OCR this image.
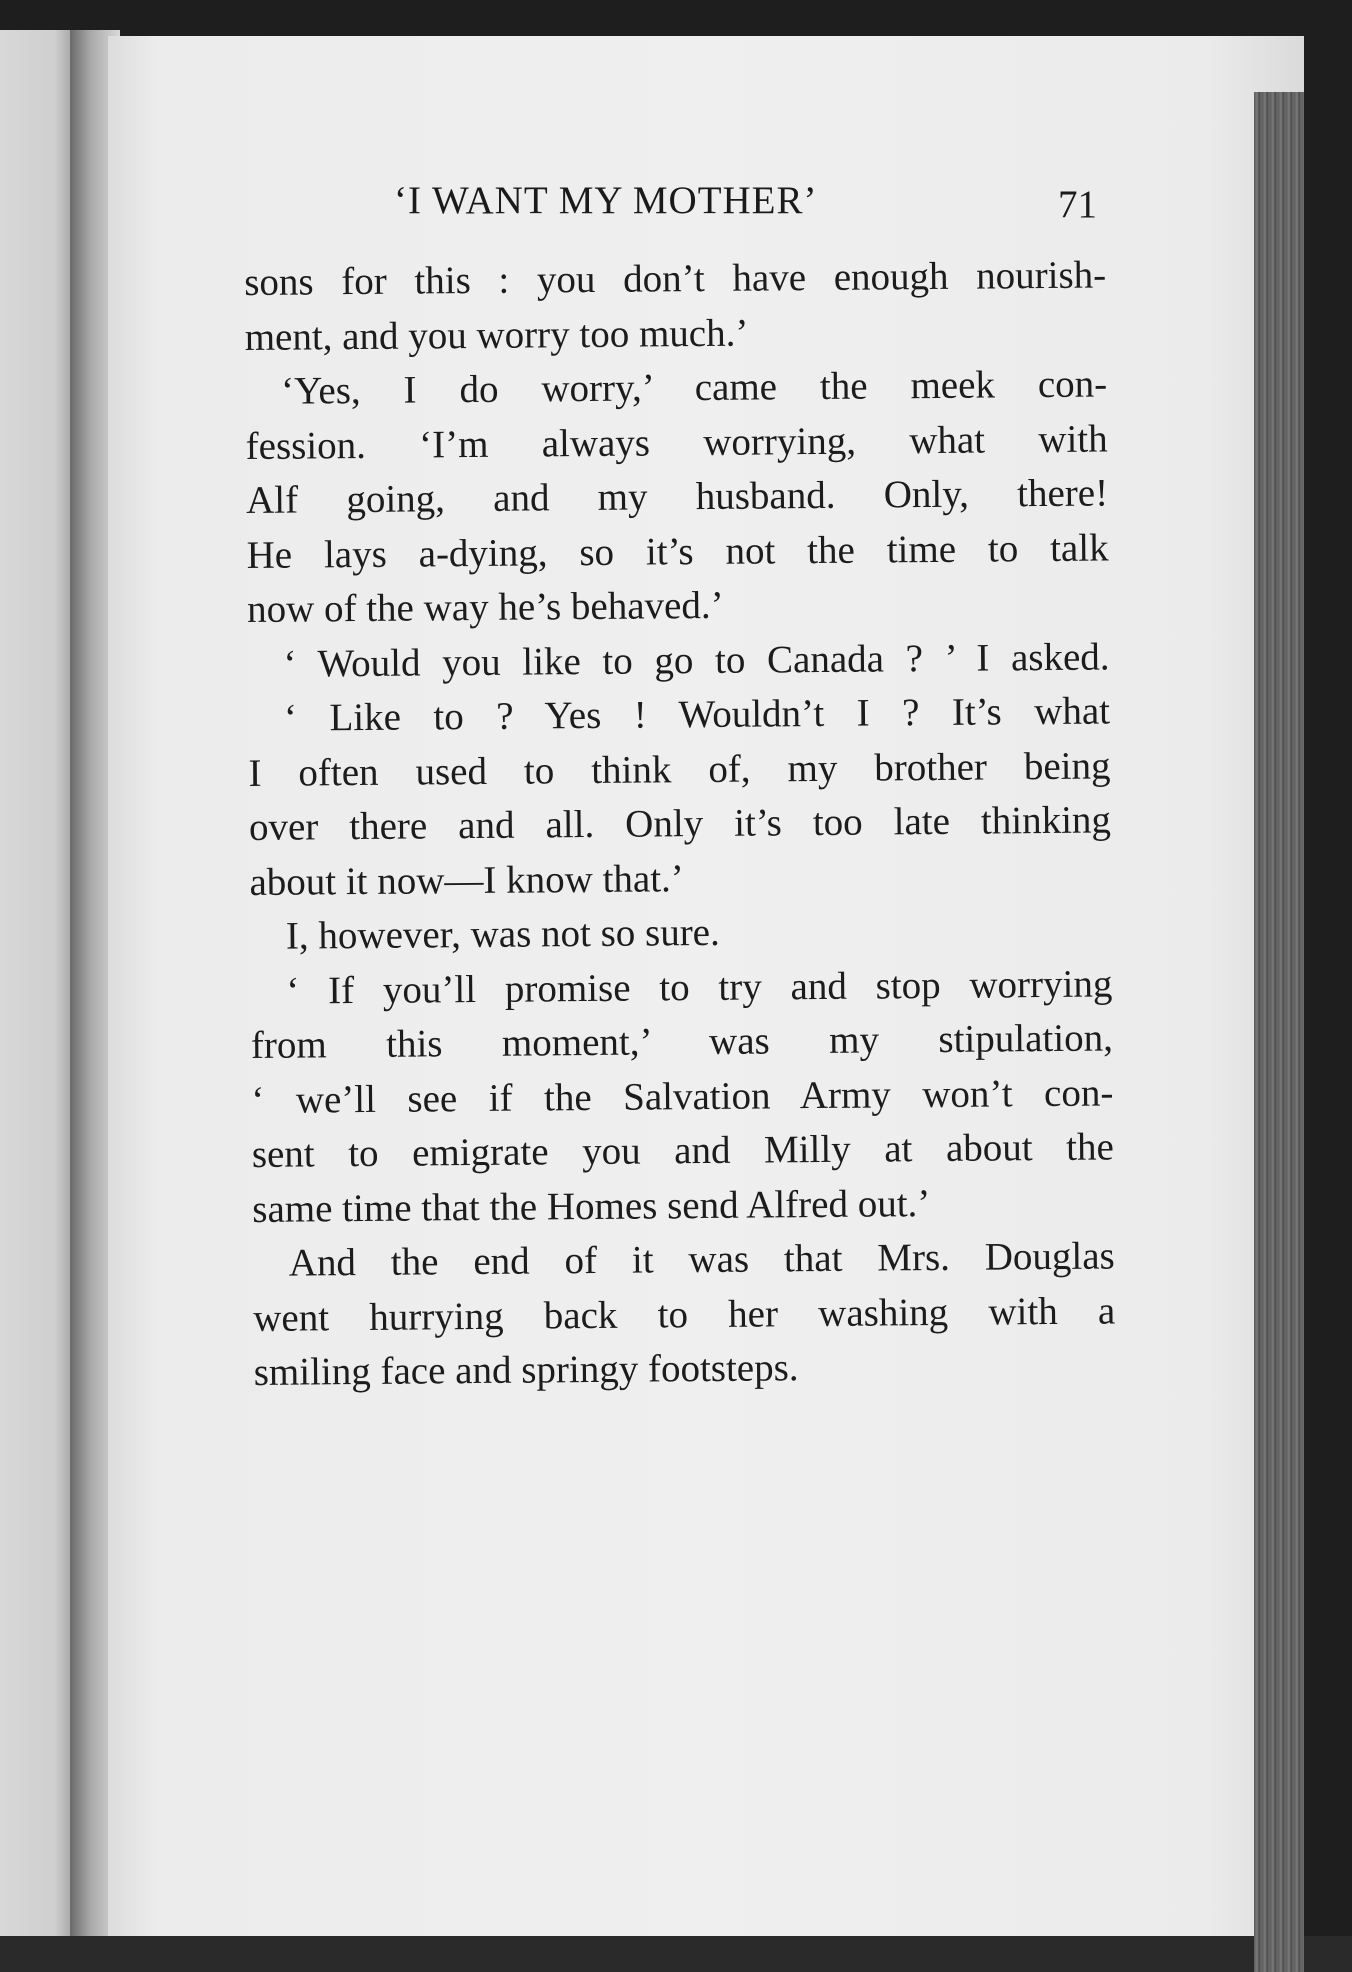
‘I WANT MY MOTHER’	71
sons for this : you don’t have enough nourish-
ment, and you worry too much.’
‘Yes, I do worry,’ came the meek con-
fession. ‘I’m always worrying, what with
Alf going, and my husband. Only, there!
He lays a-dying, so it’s not the time to talk
now of the way he’s behaved.’
‘ Would you like to go to Canada ? ’ I asked.
‘ Like to ? Yes ! Wouldn’t I ? It’s what
I often used to think of, my brother being
over there and all. Only it’s too late thinking
about it now—I know that.’
I, however, was not so sure.
‘ If you’ll promise to try and stop worrying
from this moment,’ was my stipulation,
‘ we’ll see if the Salvation Army won’t con-
sent to emigrate you and Milly at about the
same time that the Homes send Alfred out.’
And the end of it was that Mrs. Douglas
went hurrying back to her washing with a
smiling face and springy footsteps.
